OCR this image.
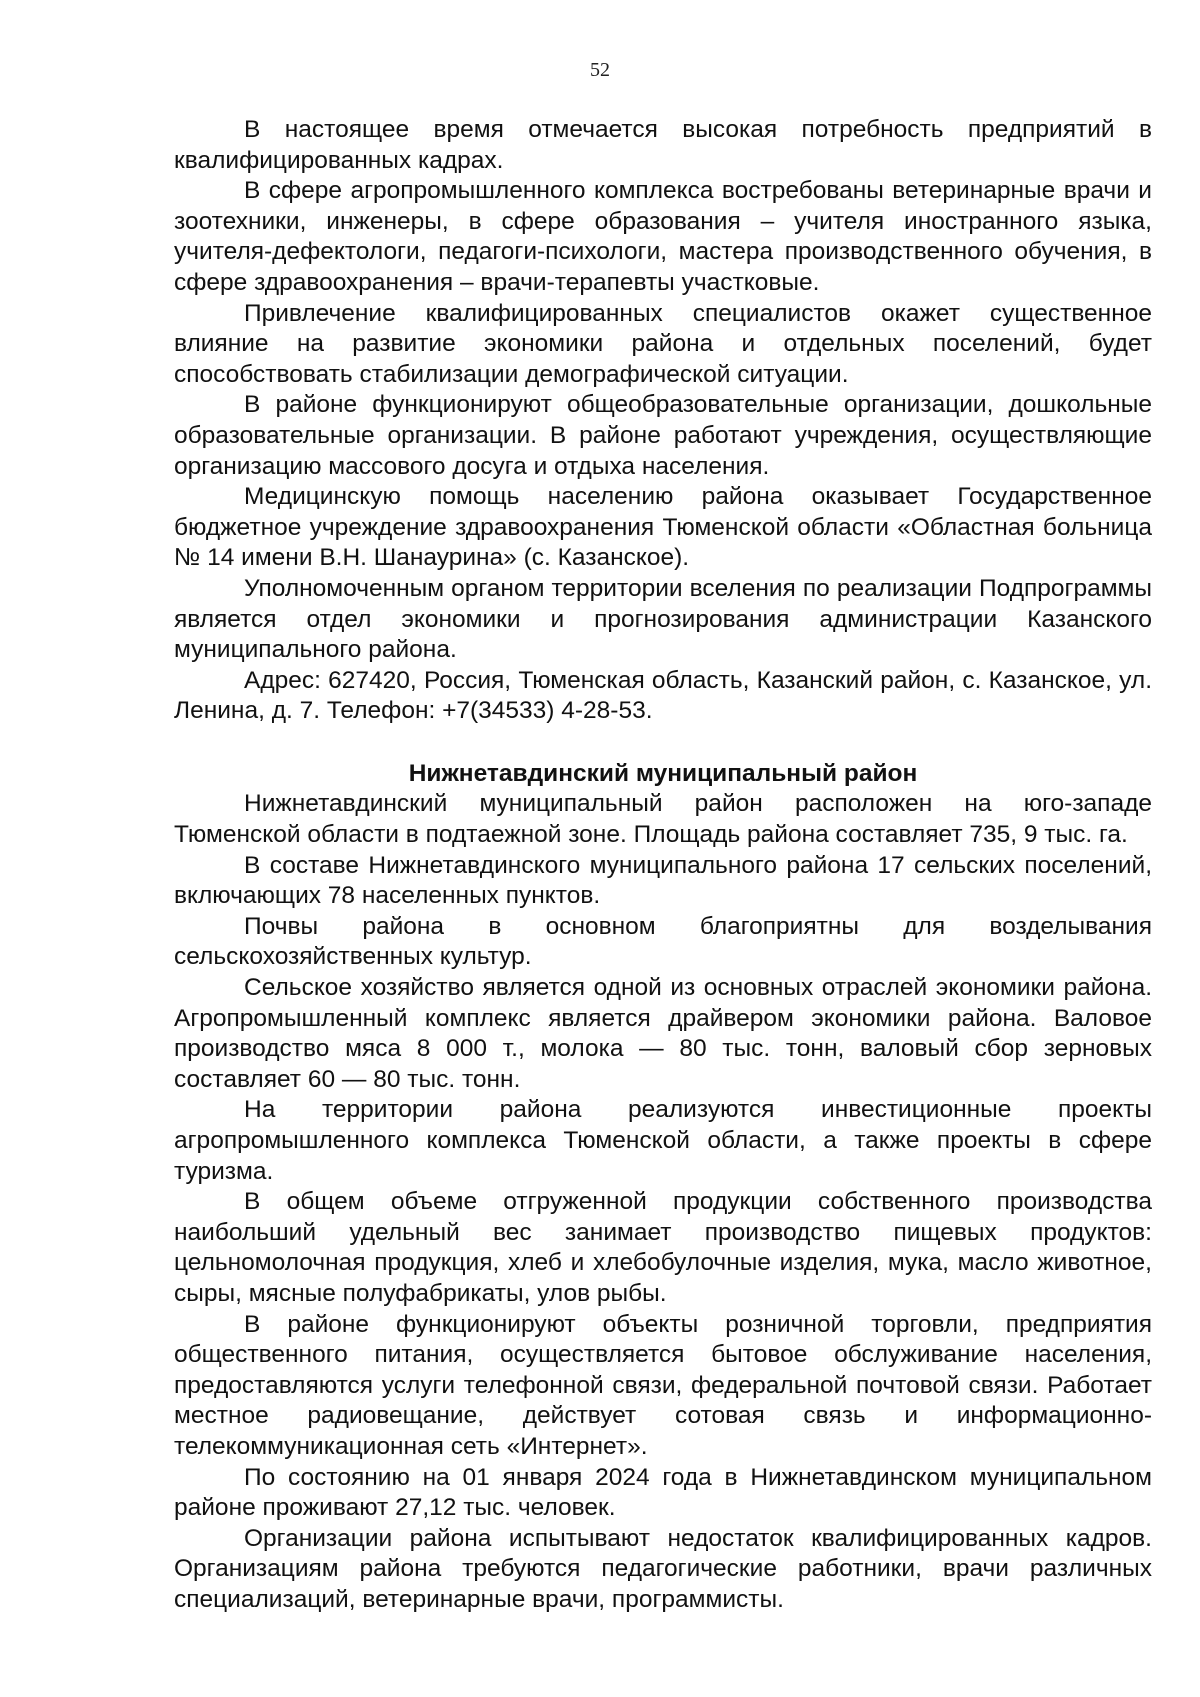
52

В настоящее время отмечается высокая потребность предприятий в квалифицированных кадрах.

В сфере агропромышленного комплекса востребованы ветеринарные врачи и зоотехники, инженеры, в сфере образования – учителя иностранного языка, учителя-дефектологи, педагоги-психологи, мастера производственного обучения, в сфере здравоохранения – врачи-терапевты участковые.

Привлечение квалифицированных специалистов окажет существенное влияние на развитие экономики района и отдельных поселений, будет способствовать стабилизации демографической ситуации.

В районе функционируют общеобразовательные организации, дошкольные образовательные организации. В районе работают учреждения, осуществляющие организацию массового досуга и отдыха населения.

Медицинскую помощь населению района оказывает Государственное бюджетное учреждение здравоохранения Тюменской области «Областная больница № 14 имени В.Н. Шанаурина» (с. Казанское).

Уполномоченным органом территории вселения по реализации Подпрограммы является отдел экономики и прогнозирования администрации Казанского муниципального района.

Адрес: 627420, Россия, Тюменская область, Казанский район, с. Казанское, ул. Ленина, д. 7. Телефон: +7(34533) 4-28-53.

Нижнетавдинский муниципальный район

Нижнетавдинский муниципальный район расположен на юго-западе Тюменской области в подтаежной зоне. Площадь района составляет 735, 9 тыс. га.

В составе Нижнетавдинского муниципального района 17 сельских поселений, включающих 78 населенных пунктов.

Почвы района в основном благоприятны для возделывания сельскохозяйственных культур.

Сельское хозяйство является одной из основных отраслей экономики района. Агропромышленный комплекс является драйвером экономики района. Валовое производство мяса 8 000 т., молока — 80 тыс. тонн, валовый сбор зерновых составляет 60 — 80 тыс. тонн.

На территории района реализуются инвестиционные проекты агропромышленного комплекса Тюменской области, а также проекты в сфере туризма.

В общем объеме отгруженной продукции собственного производства наибольший удельный вес занимает производство пищевых продуктов: цельномолочная продукция, хлеб и хлебобулочные изделия, мука, масло животное, сыры, мясные полуфабрикаты, улов рыбы.

В районе функционируют объекты розничной торговли, предприятия общественного питания, осуществляется бытовое обслуживание населения, предоставляются услуги телефонной связи, федеральной почтовой связи. Работает местное радиовещание, действует сотовая связь и информационно-телекоммуникационная сеть «Интернет».

По состоянию на 01 января 2024 года в Нижнетавдинском муниципальном районе проживают 27,12 тыс. человек.

Организации района испытывают недостаток квалифицированных кадров. Организациям района требуются педагогические работники, врачи различных специализаций, ветеринарные врачи, программисты.
